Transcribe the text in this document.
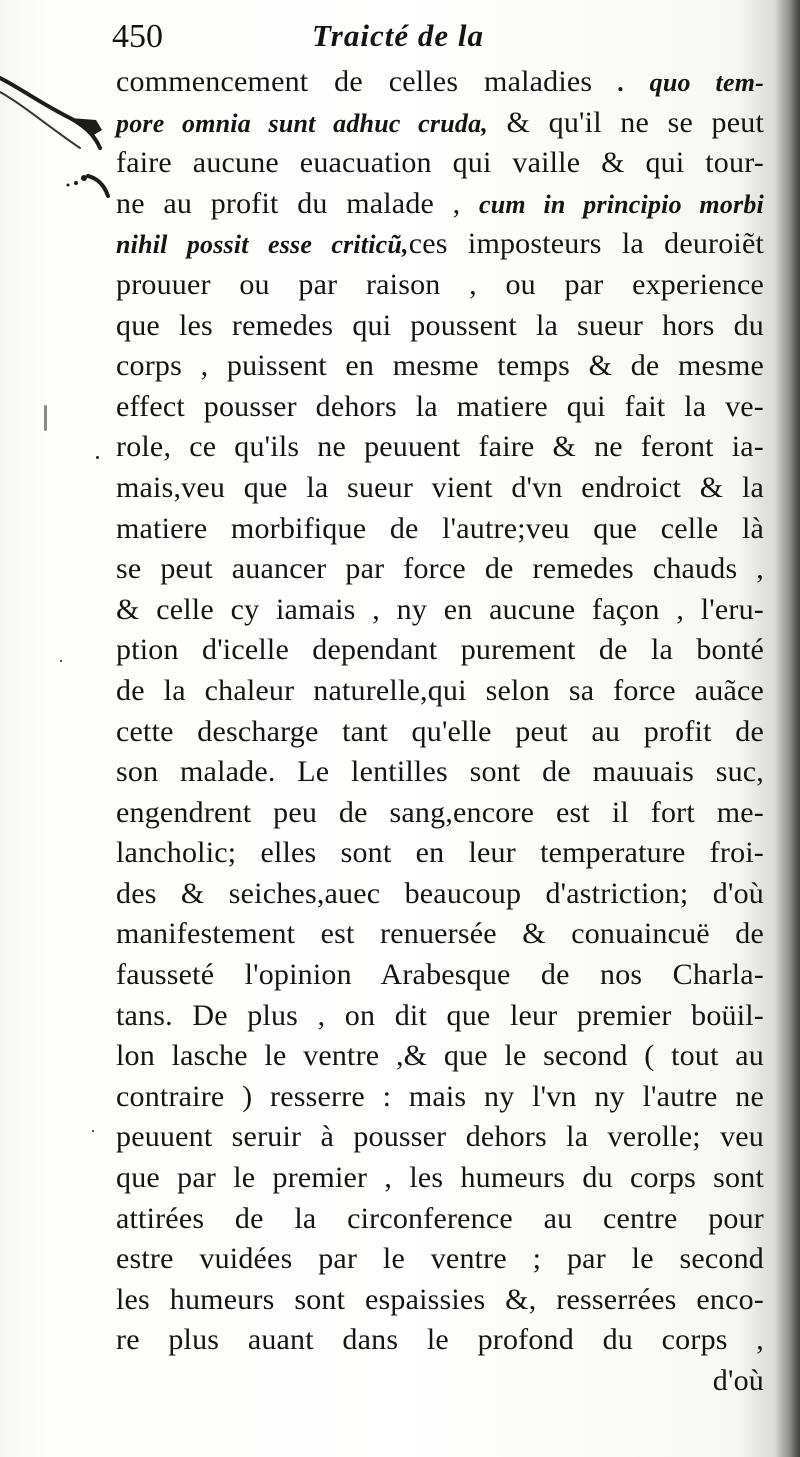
450	Traicté de la
commencement de celles maladies . quo tem-
pore omnia sunt adhuc cruda, & qu'il ne se peut
faire aucune euacuation qui vaille & qui tour-
ne au profit du malade , cum in principio morbi
nihil possit esse criticũ,ces imposteurs la deuroiẽt
prouuer ou par raison , ou par experience
que les remedes qui poussent la sueur hors du
corps , puissent en mesme temps & de mesme
effect pousser dehors la matiere qui fait la ve-
role, ce qu'ils ne peuuent faire & ne feront ia-
mais,veu que la sueur vient d'vn endroict & la
matiere morbifique de l'autre;veu que celle là
se peut auancer par force de remedes chauds ,
& celle cy iamais , ny en aucune façon , l'eru-
ption d'icelle dependant purement de la bonté
de la chaleur naturelle,qui selon sa force auãce
cette descharge tant qu'elle peut au profit de
son malade. Le lentilles sont de mauuais suc,
engendrent peu de sang,encore est il fort me-
lancholic; elles sont en leur temperature froi-
des & seiches,auec beaucoup d'astriction; d'où
manifestement est renuersée & conuaincuë de
fausseté l'opinion Arabesque de nos Charla-
tans. De plus , on dit que leur premier boüil-
lon lasche le ventre ,& que le second ( tout au
contraire ) resserre : mais ny l'vn ny l'autre ne
peuuent seruir à pousser dehors la verolle; veu
que par le premier , les humeurs du corps sont
attirées de la circonference au centre pour
estre vuidées par le ventre ; par le second
les humeurs sont espaissies &, resserrées enco-
re plus auant dans le profond du corps ,
d'où
